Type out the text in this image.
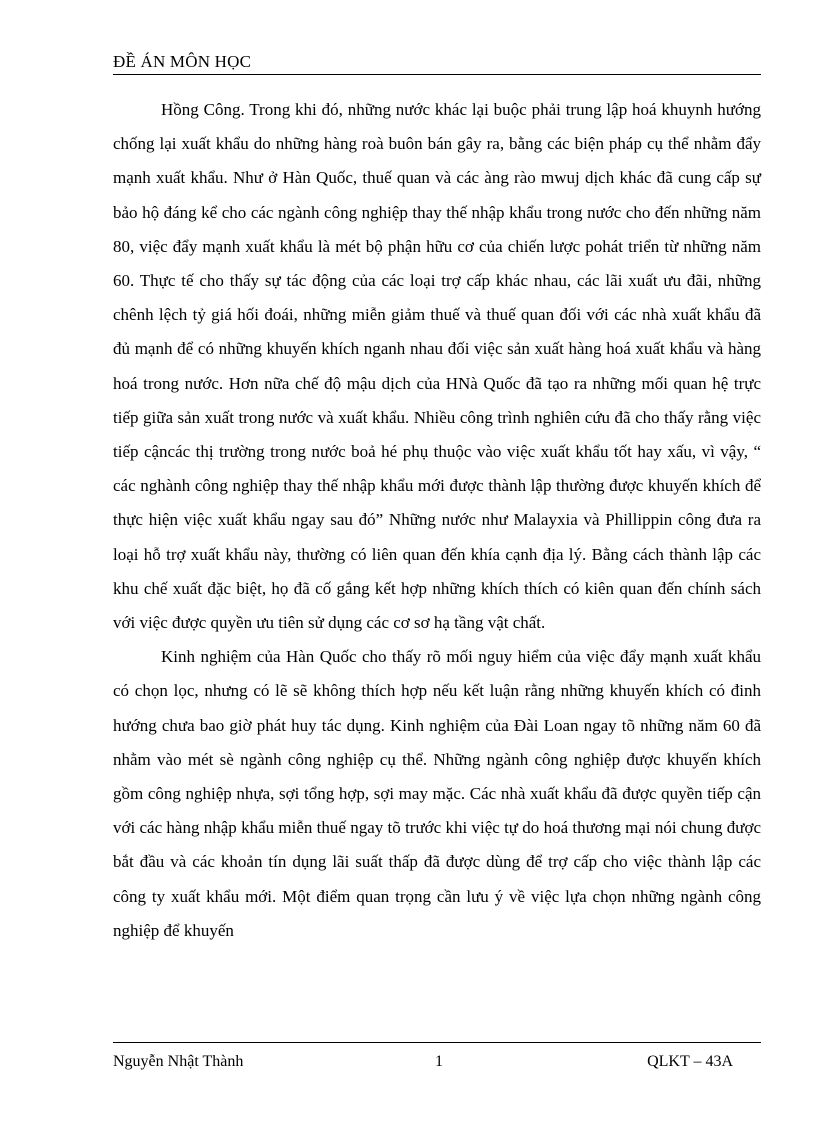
ĐỀ ÁN MÔN HỌC

Hồng Công. Trong khi đó, những nước khác lại buộc phải trung lập hoá khuynh hướng chống lại xuất khẩu do những hàng roà buôn bán gây ra, bằng các biện pháp cụ thể nhằm đẩy mạnh xuất khẩu. Như ở Hàn Quốc, thuế quan và các àng rào mwuj dịch khác đã cung cấp sự bảo hộ đáng kể cho các ngành công nghiệp thay thế nhập khẩu trong nước cho đến những năm 80, việc đẩy mạnh xuất khẩu là mét bộ phận hữu cơ của chiến lược pohát triển từ những năm 60. Thực tế cho thấy sự tác động của các loại trợ cấp khác nhau, các lãi xuất ưu đãi, những chênh lệch tỷ giá hối đoái, những miễn giảm thuế và thuế quan đối với các nhà xuất khẩu đã đủ mạnh để có những khuyến khích nganh nhau đối việc sản xuất hàng hoá xuất khẩu và hàng hoá trong nước. Hơn nữa chế độ mậu dịch của HNà Quốc đã tạo ra những mối quan hệ trực tiếp giữa sản xuất trong nước và xuất khẩu. Nhiều công trình nghiên cứu đã cho thấy rằng việc tiếp cậncác thị trường trong nước boả hé phụ thuộc vào việc xuất khẩu tốt hay xấu, vì vậy, “ các nghành công nghiệp thay thế nhập khẩu mới được thành lập thường được khuyến khích để thực hiện việc xuất khẩu ngay sau đó” Những nước như Malayxia và Phillippin công đưa ra loại hỗ trợ xuất khẩu này, thường có liên quan đến khía cạnh địa lý. Bằng cách thành lập các khu chế xuất đặc biệt, họ đã cố gắng kết hợp những khích thích có kiên quan đến chính sách với việc được quyền ưu tiên sử dụng các cơ sơ hạ tầng vật chất.

Kinh nghiệm của Hàn Quốc cho thấy rõ mối nguy hiểm của việc đẩy mạnh xuất khẩu có chọn lọc, nhưng có lẽ sẽ không thích hợp nếu kết luận rằng những khuyến khích có đinh hướng chưa bao giờ phát huy tác dụng. Kinh nghiệm của Đài Loan ngay tõ những năm 60 đã nhằm vào mét sè ngành công nghiệp cụ thể. Những ngành công nghiệp được khuyến khích gồm công nghiệp nhựa, sợi tổng hợp, sợi may mặc. Các nhà xuất khẩu đã được quyền tiếp cận với các hàng nhập khẩu miễn thuế ngay tõ trước khi việc tự do hoá thương mại nói chung được bắt đầu và các khoản tín dụng lãi suất thấp đã được dùng để trợ cấp cho việc thành lập các công ty xuất khẩu mới. Một điểm quan trọng cần lưu ý về việc lựa chọn những ngành công nghiệp để khuyến

Nguyễn Nhật Thành	1	QLKT – 43A
